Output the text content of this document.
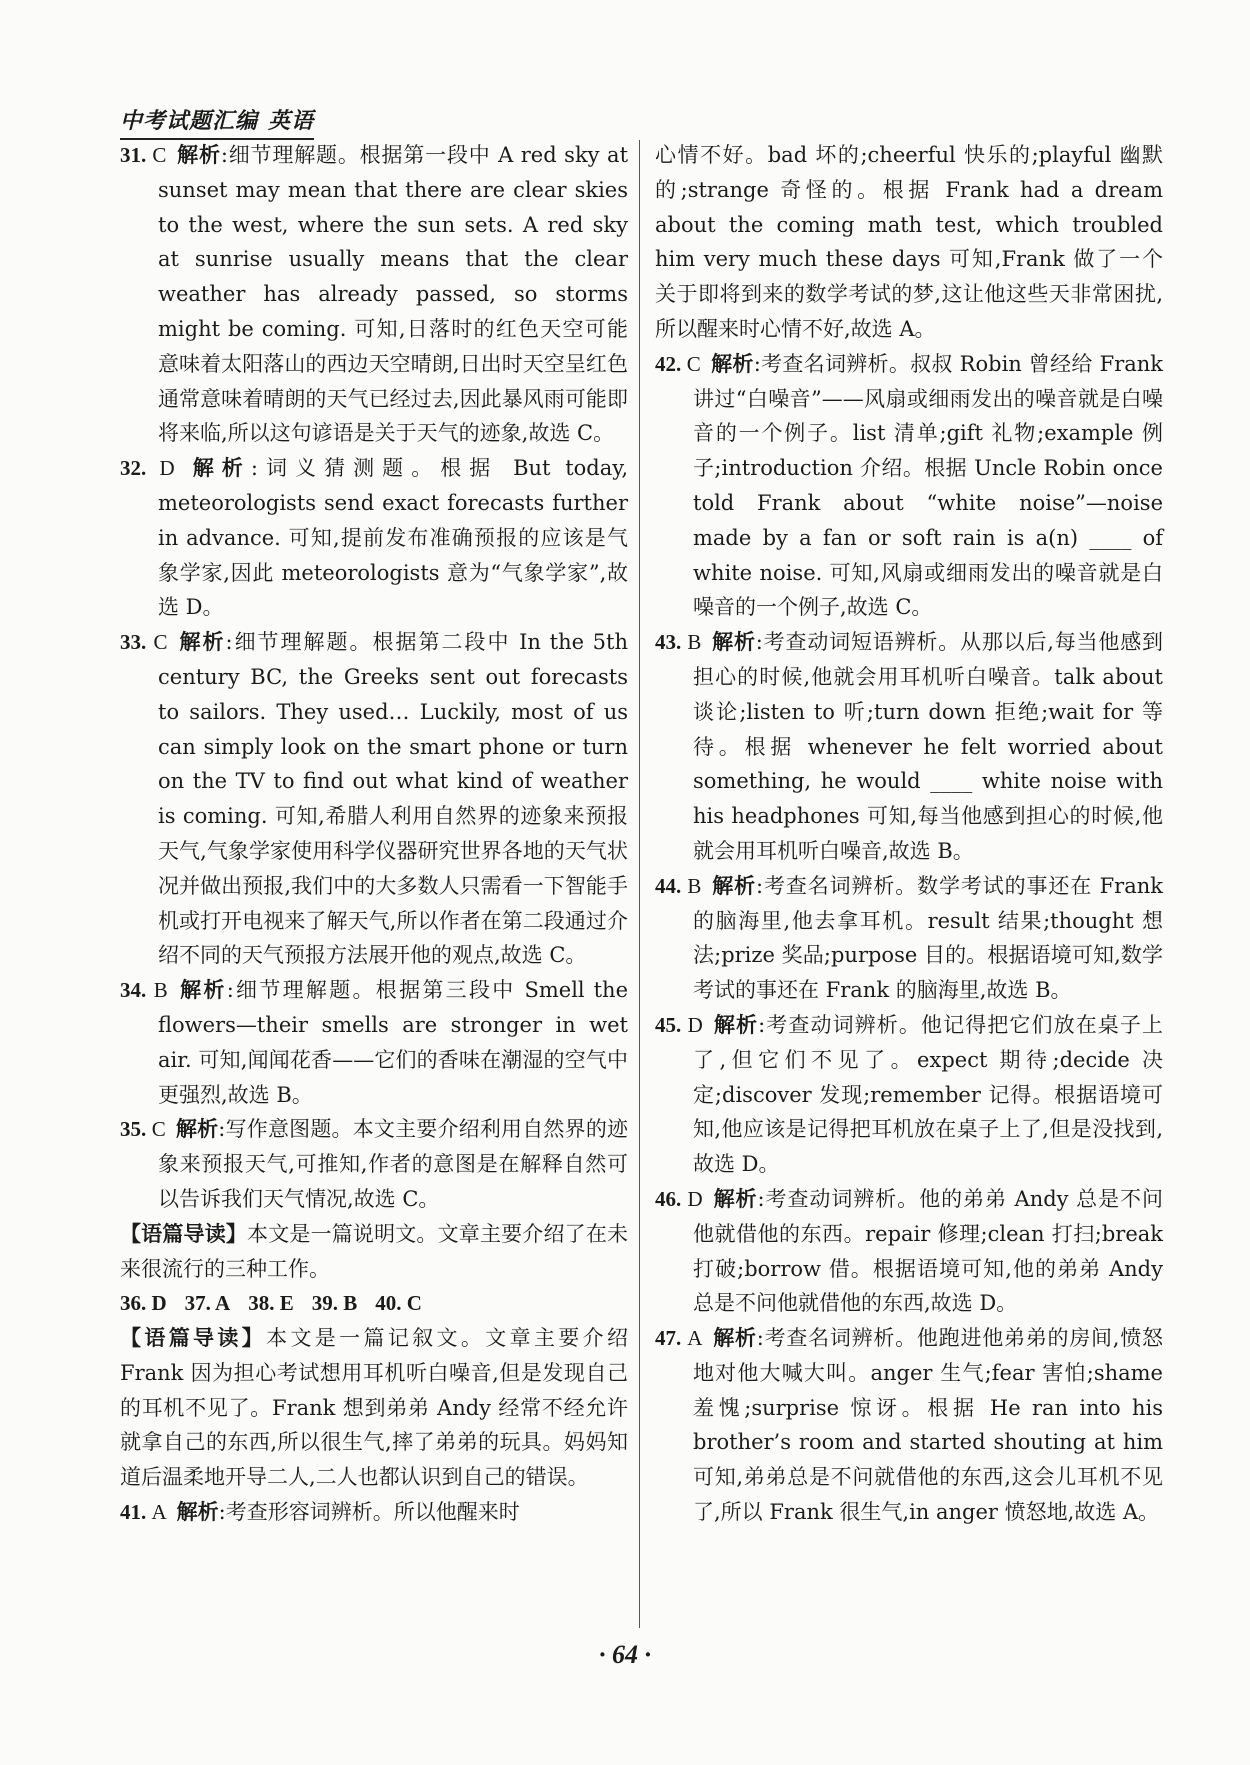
中考试题汇编 英语

31. C 解析:细节理解题。根据第一段中 A red sky at sunset may mean that there are clear skies to the west, where the sun sets. A red sky at sunrise usually means that the clear weather has already passed, so storms might be coming. 可知,日落时的红色天空可能意味着太阳落山的西边天空晴朗,日出时天空呈红色通常意味着晴朗的天气已经过去,因此暴风雨可能即将来临,所以这句谚语是关于天气的迹象,故选 C。

32. D 解析:词义猜测题。根据 But today, meteorologists send exact forecasts further in advance. 可知,提前发布准确预报的应该是气象学家,因此 meteorologists 意为“气象学家”,故选 D。

33. C 解析:细节理解题。根据第二段中 In the 5th century BC, the Greeks sent out forecasts to sailors. They used… Luckily, most of us can simply look on the smart phone or turn on the TV to find out what kind of weather is coming. 可知,希腊人利用自然界的迹象来预报天气,气象学家使用科学仪器研究世界各地的天气状况并做出预报,我们中的大多数人只需看一下智能手机或打开电视来了解天气,所以作者在第二段通过介绍不同的天气预报方法展开他的观点,故选 C。

34. B 解析:细节理解题。根据第三段中 Smell the flowers—their smells are stronger in wet air. 可知,闻闻花香——它们的香味在潮湿的空气中更强烈,故选 B。

35. C 解析:写作意图题。本文主要介绍利用自然界的迹象来预报天气,可推知,作者的意图是在解释自然可以告诉我们天气情况,故选 C。

【语篇导读】本文是一篇说明文。文章主要介绍了在未来很流行的三种工作。

36. D 37. A 38. E 39. B 40. C

【语篇导读】本文是一篇记叙文。文章主要介绍 Frank 因为担心考试想用耳机听白噪音,但是发现自己的耳机不见了。Frank 想到弟弟 Andy 经常不经允许就拿自己的东西,所以很生气,摔了弟弟的玩具。妈妈知道后温柔地开导二人,二人也都认识到自己的错误。

41. A 解析:考查形容词辨析。所以他醒来时

心情不好。bad 坏的;cheerful 快乐的;playful 幽默的;strange 奇怪的。根据 Frank had a dream about the coming math test, which troubled him very much these days 可知,Frank 做了一个关于即将到来的数学考试的梦,这让他这些天非常困扰,所以醒来时心情不好,故选 A。

42. C 解析:考查名词辨析。叔叔 Robin 曾经给 Frank 讲过“白噪音”——风扇或细雨发出的噪音就是白噪音的一个例子。list 清单;gift 礼物;example 例子;introduction 介绍。根据 Uncle Robin once told Frank about “white noise”—noise made by a fan or soft rain is a(n) ____ of white noise. 可知,风扇或细雨发出的噪音就是白噪音的一个例子,故选 C。

43. B 解析:考查动词短语辨析。从那以后,每当他感到担心的时候,他就会用耳机听白噪音。talk about 谈论;listen to 听;turn down 拒绝;wait for 等待。根据 whenever he felt worried about something, he would ____ white noise with his headphones 可知,每当他感到担心的时候,他就会用耳机听白噪音,故选 B。

44. B 解析:考查名词辨析。数学考试的事还在 Frank 的脑海里,他去拿耳机。result 结果;thought 想法;prize 奖品;purpose 目的。根据语境可知,数学考试的事还在 Frank 的脑海里,故选 B。

45. D 解析:考查动词辨析。他记得把它们放在桌子上了,但它们不见了。expect 期待;decide 决定;discover 发现;remember 记得。根据语境可知,他应该是记得把耳机放在桌子上了,但是没找到,故选 D。

46. D 解析:考查动词辨析。他的弟弟 Andy 总是不问他就借他的东西。repair 修理;clean 打扫;break 打破;borrow 借。根据语境可知,他的弟弟 Andy 总是不问他就借他的东西,故选 D。

47. A 解析:考查名词辨析。他跑进他弟弟的房间,愤怒地对他大喊大叫。anger 生气;fear 害怕;shame 羞愧;surprise 惊讶。根据 He ran into his brother’s room and started shouting at him 可知,弟弟总是不问就借他的东西,这会儿耳机不见了,所以 Frank 很生气,in anger 愤怒地,故选 A。

· 64 ·
